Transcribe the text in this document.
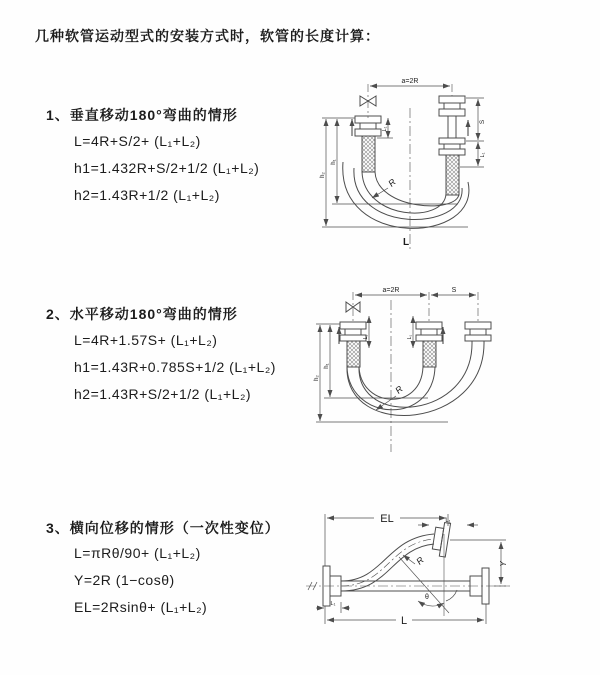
几种软管运动型式的安装方式时，软管的长度计算：
1、垂直移动180°弯曲的情形
L=4R+S/2+ (L₁+L₂)
h1=1.432R+S/2+1/2 (L₁+L₂)
h2=1.43R+1/2 (L₁+L₂)
2、水平移动180°弯曲的情形
L=4R+1.57S+ (L₁+L₂)
h1=1.43R+0.785S+1/2 (L₁+L₂)
h2=1.43R+S/2+1/2 (L₁+L₂)
3、横向位移的情形（一次性变位）
L=πRθ/90+ (L₁+L₂)
Y=2R (1−cosθ)
EL=2Rsinθ+ (L₁+L₂)
a=2R
S
L₁
L₁
h₁
h₂
R
L
a=2R	S
L₁	L₁
h₁
h₂
R
EL	L₁
Y
L
L₁
R
θ
